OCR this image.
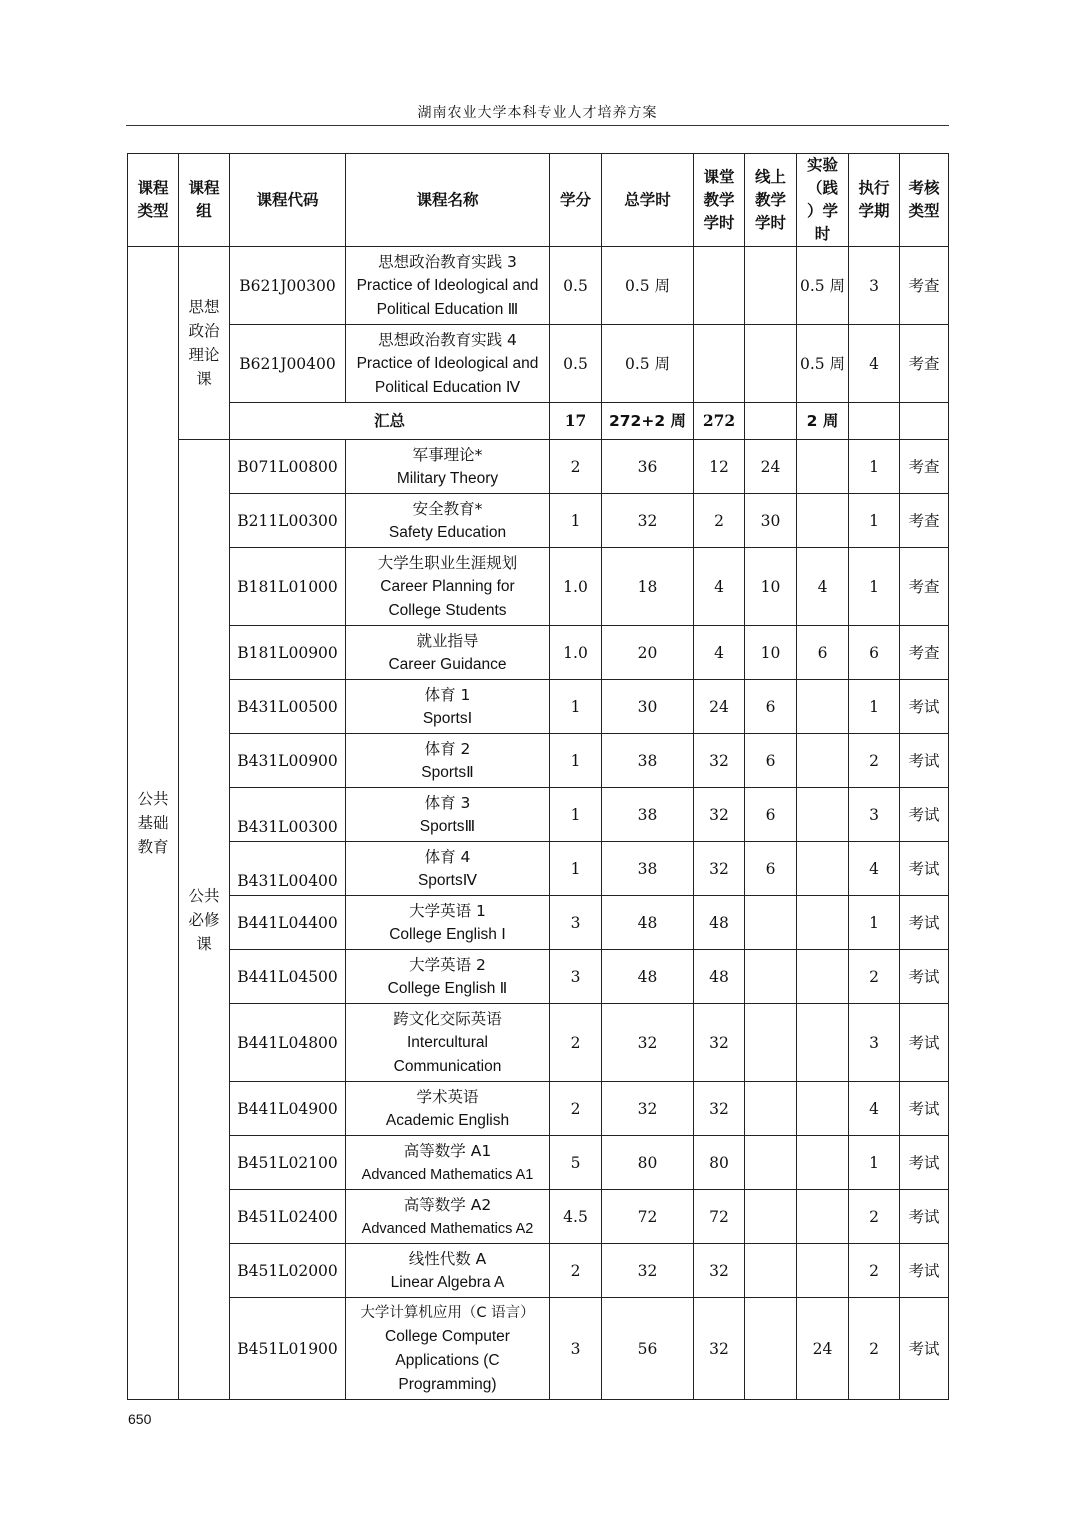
湖南农业大学本科专业人才培养方案
课程
类型	课程
组	课程代码	课程名称	学分	总学时	课堂
教学
学时	线上
教学
学时	实验
（践
）学
时	执行
学期	考核
类型
公共
基础
教育	思想
政治
理论
课	B621J00300	思想政治教育实践 3
Practice of Ideological and Political Education Ⅲ	0.5	0.5 周			0.5 周	3	考查
		B621J00400	思想政治教育实践 4
Practice of Ideological and Political Education Ⅳ	0.5	0.5 周			0.5 周	4	考查
		汇总		17	272+2 周	272		2 周		
	公共
必修
课	B071L00800	军事理论*
Military Theory	2	36	12	24		1	考查
		B211L00300	安全教育*
Safety Education	1	32	2	30		1	考查
		B181L01000	大学生职业生涯规划
Career Planning for College Students	1.0	18	4	10	4	1	考查
		B181L00900	就业指导
Career Guidance	1.0	20	4	10	6	6	考查
		B431L00500	体育 1
SportsⅠ	1	30	24	6		1	考试
		B431L00900	体育 2
SportsⅡ	1	38	32	6		2	考试
		B431L00300	体育 3
SportsⅢ	1	38	32	6		3	考试
		B431L00400	体育 4
SportsⅣ	1	38	32	6		4	考试
		B441L04400	大学英语 1
College English Ⅰ	3	48	48			1	考试
		B441L04500	大学英语 2
College English Ⅱ	3	48	48			2	考试
		B441L04800	跨文化交际英语
Intercultural Communication	2	32	32			3	考试
		B441L04900	学术英语
Academic English	2	32	32			4	考试
		B451L02100	高等数学 A1
Advanced Mathematics A1	5	80	80			1	考试
		B451L02400	高等数学 A2
Advanced Mathematics A2	4.5	72	72			2	考试
		B451L02000	线性代数 A
Linear Algebra A	2	32	32			2	考试
		B451L01900	大学计算机应用（C 语言）
College Computer Applications (C Programming)	3	56	32		24	2	考试
650
